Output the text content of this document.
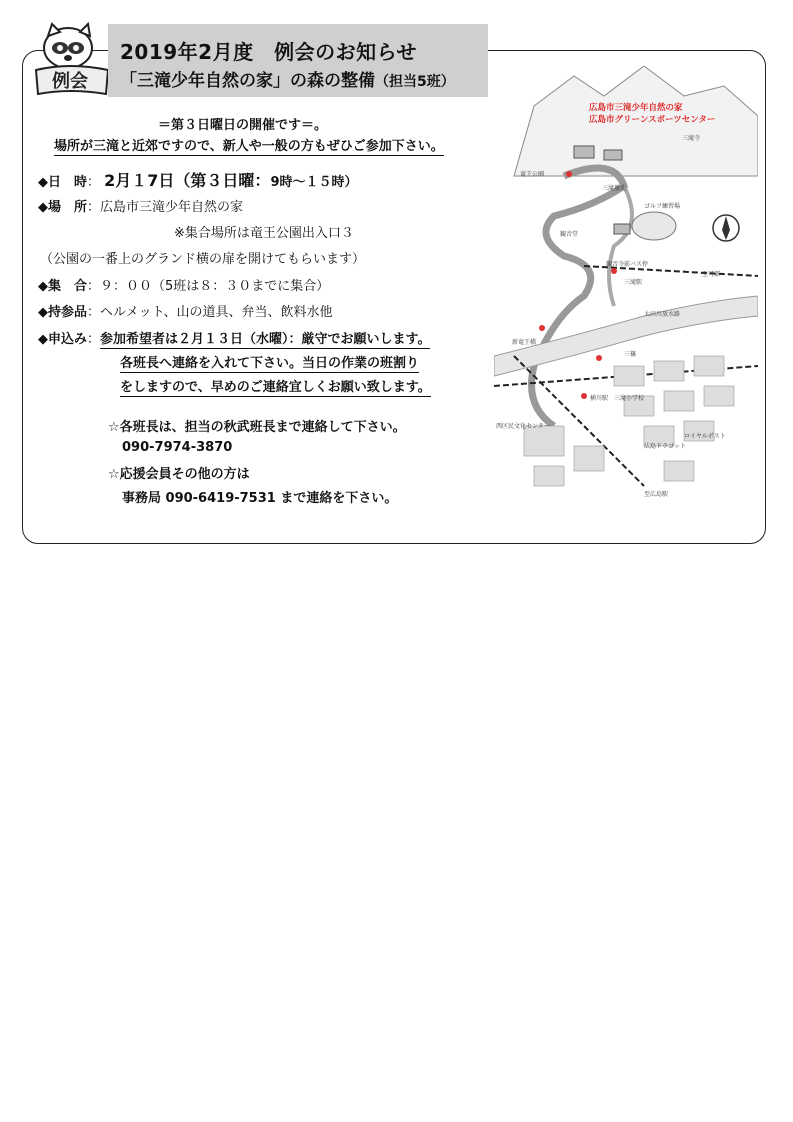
例会
2019年2月度　例会のお知らせ
「三滝少年自然の家」の森の整備（担当5班）
＝第３日曜日の開催です＝。
場所が三滝と近郊ですので、新人や一般の方もぜひご参加下さい。
◆日　時： 2月１7日（第３日曜：9時～１５時）
◆場　所：広島市三滝少年自然の家
※集合場所は竜王公園出入口３
（公園の一番上のグランド横の扉を開けてもらいます）
◆集　合：９：００（5班は８：３０までに集合）
◆持参品：ヘルメット、山の道具、弁当、飲料水他
◆申込み：参加希望者は２月１３日（水曜）：厳守でお願いします。
各班長へ連絡を入れて下さい。当日の作業の班割り
をしますので、早めのご連絡宜しくお願い致します。
☆各班長は、担当の秋武班長まで連絡して下さい。
090-7974-3870
☆応援会員その他の方は
事務局 090-6419-7531 まで連絡を下さい。
広島市三滝少年自然の家
広島市グリーンスポーツセンター
三滝寺
竜王公園
三滝墓苑
ゴルフ練習場
観音堂
観音寺前バス停
至可部
三滝駅
太田川放水路
新竜王橋
三滝小学校
三篠
横川駅
西区民文化センター
広島ドラゴット
ロイヤルポスト
至広島駅
